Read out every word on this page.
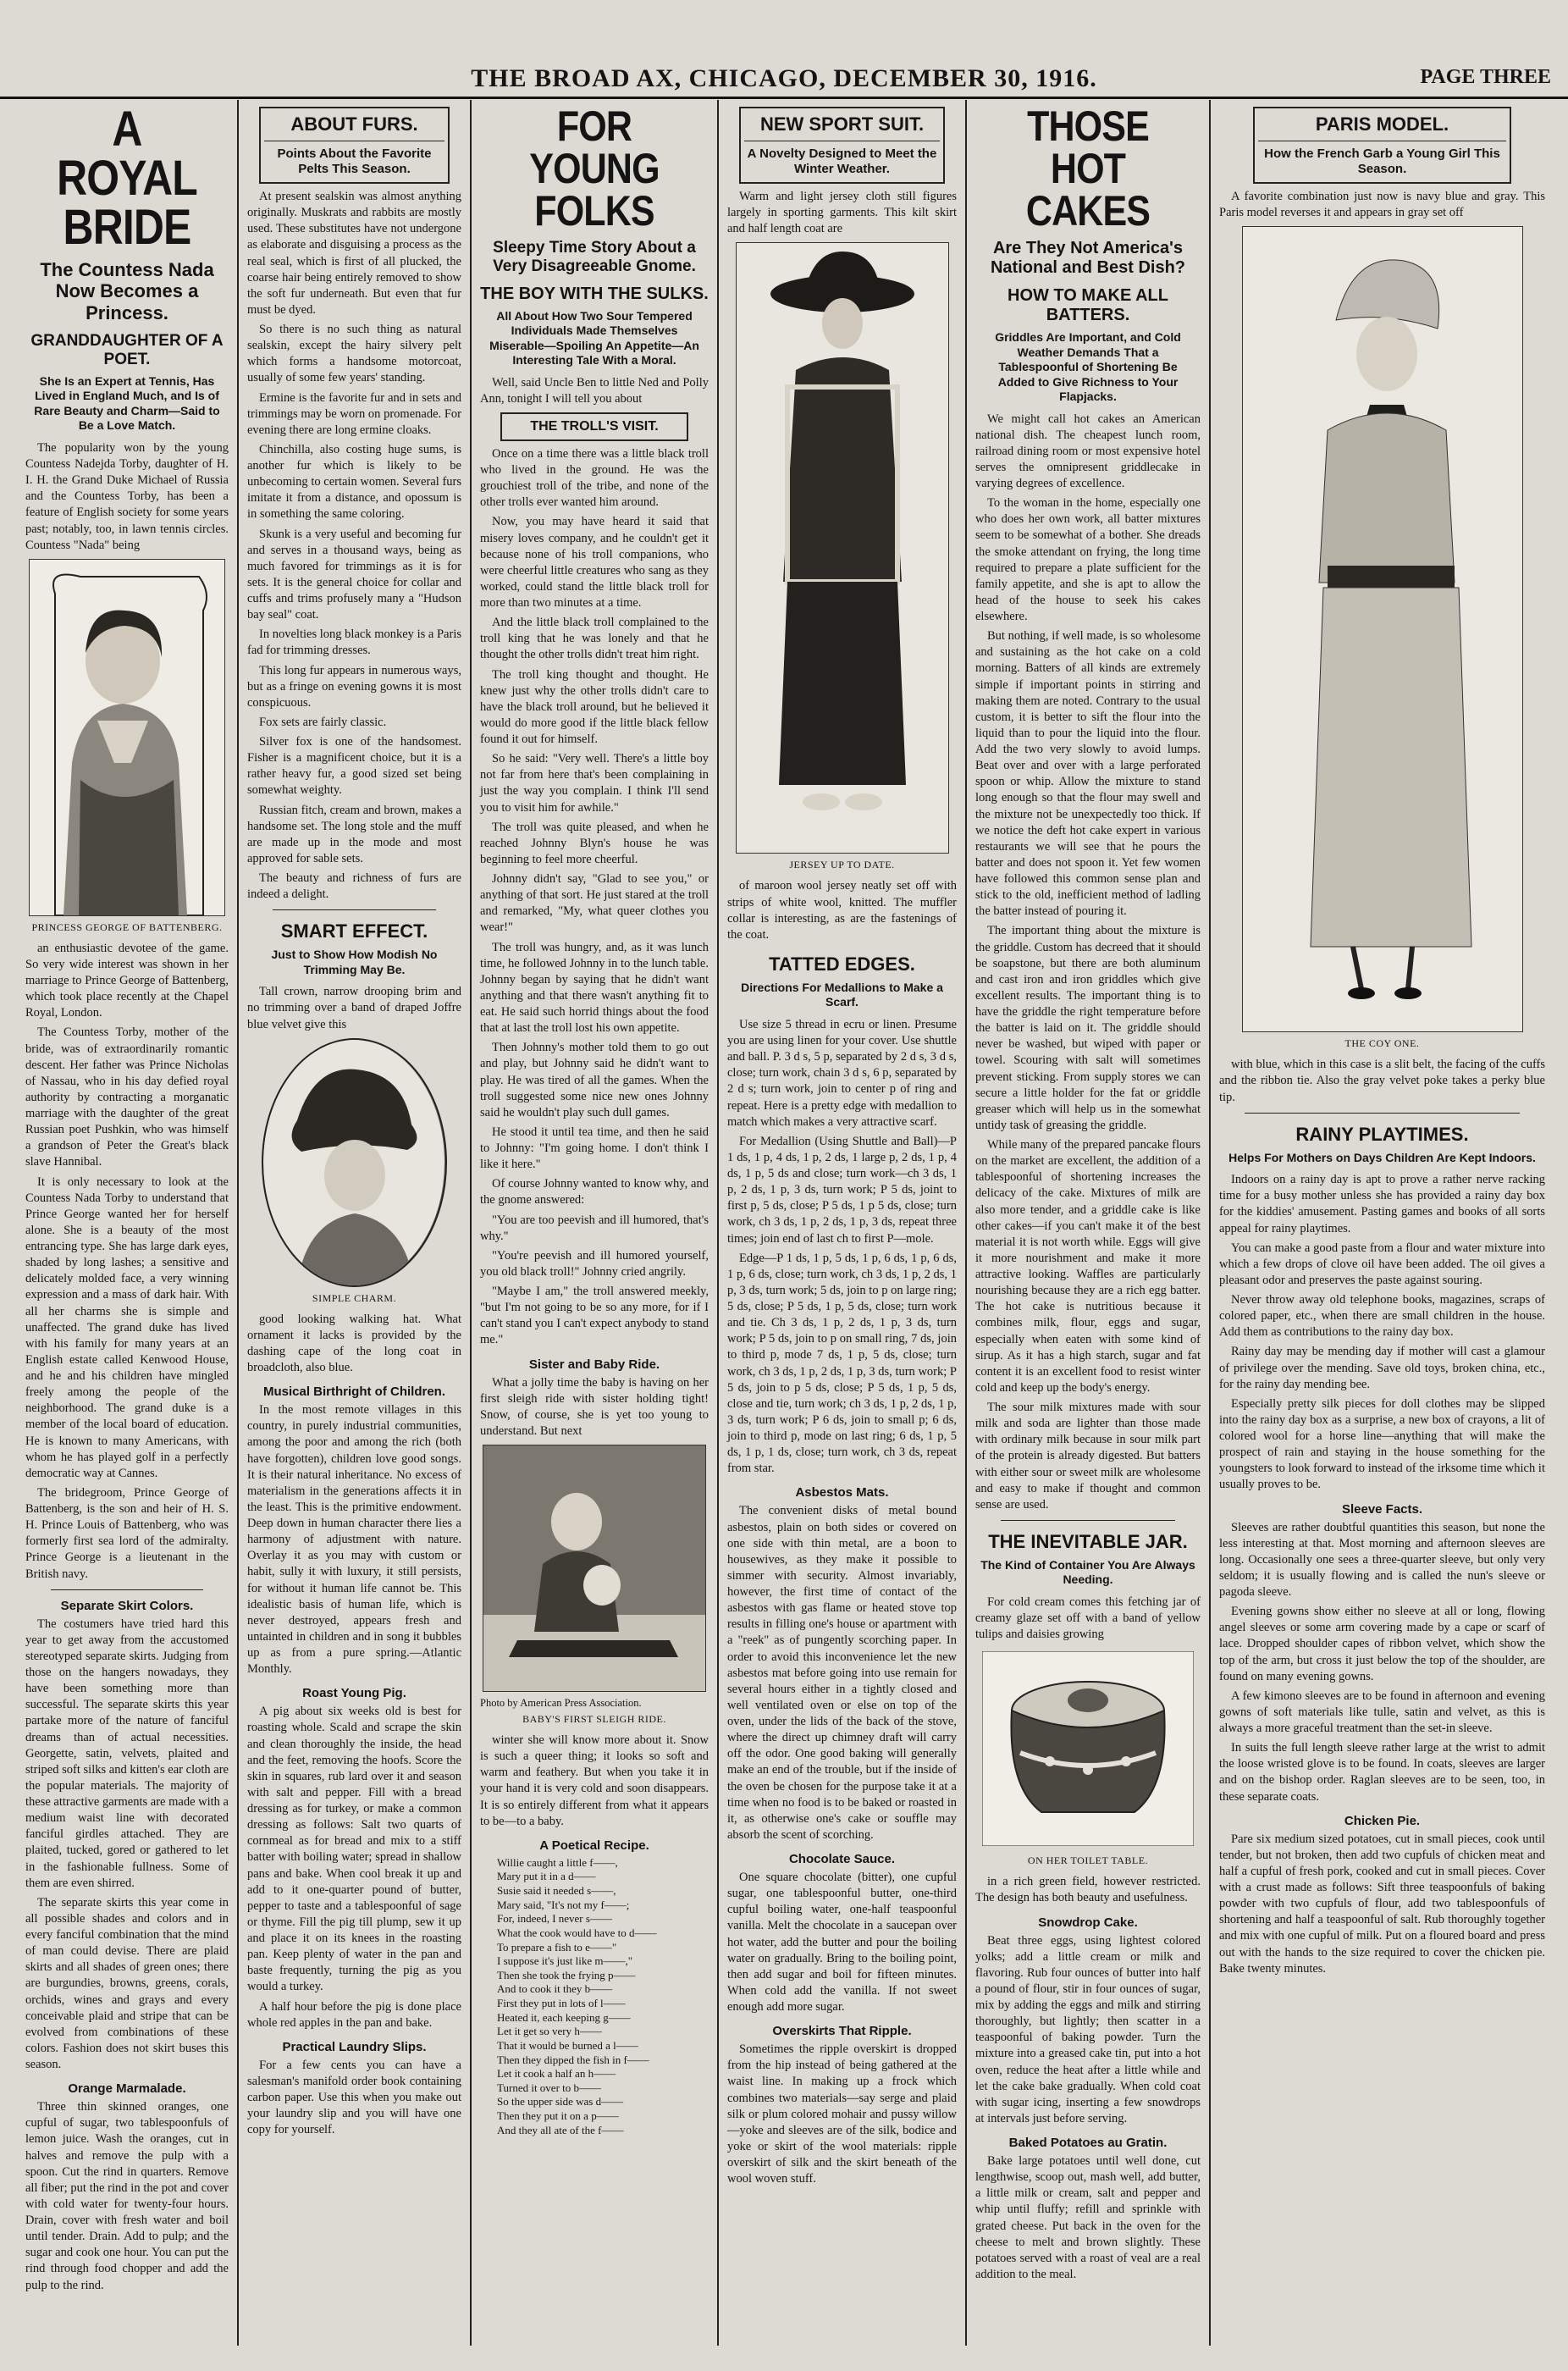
THE BROAD AX, CHICAGO, DECEMBER 30, 1916.	PAGE THREE
A ROYAL BRIDE
The Countess Nada Now Becomes a Princess.
GRANDDAUGHTER OF A POET.
She Is an Expert at Tennis, Has Lived in England Much, and Is of Rare Beauty and Charm—Said to Be a Love Match.

The popularity won by the young Countess Nadejda Torby, daughter of H. I. H. the Grand Duke Michael of Russia and the Countess Torby, has been a feature of English society for some years past; notably, too, in lawn tennis circles. Countess "Nada" being

PRINCESS GEORGE OF BATTENBERG.

an enthusiastic devotee of the game. So very wide interest was shown in her marriage to Prince George of Battenberg, which took place recently at the Chapel Royal, London.

The Countess Torby, mother of the bride, was of extraordinarily romantic descent. Her father was Prince Nicholas of Nassau, who in his day defied royal authority by contracting a morganatic marriage with the daughter of the great Russian poet Pushkin, who was himself a grandson of Peter the Great's black slave Hannibal.

It is only necessary to look at the Countess Nada Torby to understand that Prince George wanted her for herself alone. She is a beauty of the most entrancing type. She has large dark eyes, shaded by long lashes; a sensitive and delicately molded face, a very winning expression and a mass of dark hair. With all her charms she is simple and unaffected. The grand duke has lived with his family for many years at an English estate called Kenwood House, and he and his children have mingled freely among the people of the neighborhood. The grand duke is a member of the local board of education. He is known to many Americans, with whom he has played golf in a perfectly democratic way at Cannes.

The bridegroom, Prince George of Battenberg, is the son and heir of H. S. H. Prince Louis of Battenberg, who was formerly first sea lord of the admiralty. Prince George is a lieutenant in the British navy.

Separate Skirt Colors.

The costumers have tried hard this year to get away from the accustomed stereotyped separate skirts. Judging from those on the hangers nowadays, they have been something more than successful. The separate skirts this year partake more of the nature of fanciful dreams than of actual necessities. Georgette, satin, velvets, plaited and striped soft silks and kitten's ear cloth are the popular materials. The majority of these attractive garments are made with a medium waist line with decorated fanciful girdles attached. They are plaited, tucked, gored or gathered to let in the fashionable fullness. Some of them are even shirred.

The separate skirts this year come in all possible shades and colors and in every fanciful combination that the mind of man could devise. There are plaid skirts and all shades of green ones; there are burgundies, browns, greens, corals, orchids, wines and grays and every conceivable plaid and stripe that can be evolved from combinations of these colors. Fashion does not skirt buses this season.

Orange Marmalade.

Three thin skinned oranges, one cupful of sugar, two tablespoonfuls of lemon juice. Wash the oranges, cut in halves and remove the pulp with a spoon. Cut the rind in quarters. Remove all fiber; put the rind in the pot and cover with cold water for twenty-four hours. Drain, cover with fresh water and boil until tender. Drain. Add to pulp; and the sugar and cook one hour. You can put the rind through food chopper and add the pulp to the rind.

ABOUT FURS.
Points About the Favorite Pelts This Season.

At present sealskin was almost anything originally. Muskrats and rabbits are mostly used. These substitutes have not undergone as elaborate and disguising a process as the real seal, which is first of all plucked, the coarse hair being entirely removed to show the soft fur underneath. But even that fur must be dyed.

So there is no such thing as natural sealskin, except the hairy silvery pelt which forms a handsome motorcoat, usually of some few years' standing.

Ermine is the favorite fur and in sets and trimmings may be worn on promenade. For evening there are long ermine cloaks.

Chinchilla, also costing huge sums, is another fur which is likely to be unbecoming to certain women. Several furs imitate it from a distance, and opossum is in something the same coloring.

Skunk is a very useful and becoming fur and serves in a thousand ways, being as much favored for trimmings as it is for sets. It is the general choice for collar and cuffs and trims profusely many a "Hudson bay seal" coat.

In novelties long black monkey is a Paris fad for trimming dresses.

This long fur appears in numerous ways, but as a fringe on evening gowns it is most conspicuous.

Fox sets are fairly classic.

Silver fox is one of the handsomest. Fisher is a magnificent choice, but it is a rather heavy fur, a good sized set being somewhat weighty.

Russian fitch, cream and brown, makes a handsome set. The long stole and the muff are made up in the mode and most approved for sable sets.

The beauty and richness of furs are indeed a delight.

SMART EFFECT.
Just to Show How Modish No Trimming May Be.

Tall crown, narrow drooping brim and no trimming over a band of draped Joffre blue velvet give this

SIMPLE CHARM.

good looking walking hat. What ornament it lacks is provided by the dashing cape of the long coat in broadcloth, also blue.

Musical Birthright of Children.

In the most remote villages in this country, in purely industrial communities, among the poor and among the rich (both have forgotten), children love good songs. It is their natural inheritance. No excess of materialism in the generations affects it in the least. This is the primitive endowment. Deep down in human character there lies a harmony of adjustment with nature. Overlay it as you may with custom or habit, sully it with luxury, it still persists, for without it human life cannot be. This idealistic basis of human life, which is never destroyed, appears fresh and untainted in children and in song it bubbles up as from a pure spring.—Atlantic Monthly.

Roast Young Pig.

A pig about six weeks old is best for roasting whole. Scald and scrape the skin and clean thoroughly the inside, the head and the feet, removing the hoofs. Score the skin in squares, rub lard over it and season with salt and pepper. Fill with a bread dressing as for turkey, or make a common dressing as follows: Salt two quarts of cornmeal as for bread and mix to a stiff batter with boiling water; spread in shallow pans and bake. When cool break it up and add to it one-quarter pound of butter, pepper to taste and a tablespoonful of sage or thyme. Fill the pig till plump, sew it up and place it on its knees in the roasting pan. Keep plenty of water in the pan and baste frequently, turning the pig as you would a turkey.

A half hour before the pig is done place whole red apples in the pan and bake.

Practical Laundry Slips.

For a few cents you can have a salesman's manifold order book containing carbon paper. Use this when you make out your laundry slip and you will have one copy for yourself.

FOR YOUNG FOLKS
Sleepy Time Story About a Very Disagreeable Gnome.
THE BOY WITH THE SULKS.
All About How Two Sour Tempered Individuals Made Themselves Miserable—Spoiling An Appetite—An Interesting Tale With a Moral.

Well, said Uncle Ben to little Ned and Polly Ann, tonight I will tell you about

THE TROLL'S VISIT.

Once on a time there was a little black troll who lived in the ground. He was the grouchiest troll of the tribe, and none of the other trolls ever wanted him around.

Now, you may have heard it said that misery loves company, and he couldn't get it because none of his troll companions, who were cheerful little creatures who sang as they worked, could stand the little black troll for more than two minutes at a time.

And the little black troll complained to the troll king that he was lonely and that he thought the other trolls didn't treat him right.

The troll king thought and thought. He knew just why the other trolls didn't care to have the black troll around, but he believed it would do more good if the little black fellow found it out for himself.

So he said: "Very well. There's a little boy not far from here that's been complaining in just the way you complain. I think I'll send you to visit him for awhile."

The troll was quite pleased, and when he reached Johnny Blyn's house he was beginning to feel more cheerful.

Johnny didn't say, "Glad to see you," or anything of that sort. He just stared at the troll and remarked, "My, what queer clothes you wear!"

The troll was hungry, and, as it was lunch time, he followed Johnny in to the lunch table. Johnny began by saying that he didn't want anything and that there wasn't anything fit to eat. He said such horrid things about the food that at last the troll lost his own appetite.

Then Johnny's mother told them to go out and play, but Johnny said he didn't want to play. He was tired of all the games. When the troll suggested some nice new ones Johnny said he wouldn't play such dull games.

He stood it until tea time, and then he said to Johnny: "I'm going home. I don't think I like it here."

Of course Johnny wanted to know why, and the gnome answered:

"You are too peevish and ill humored, that's why."

"You're peevish and ill humored yourself, you old black troll!" Johnny cried angrily.

"Maybe I am," the troll answered meekly, "but I'm not going to be so any more, for if I can't stand you I can't expect anybody to stand me."

Sister and Baby Ride.

What a jolly time the baby is having on her first sleigh ride with sister holding tight! Snow, of course, she is yet too young to understand. But next

Photo by American Press Association.
BABY'S FIRST SLEIGH RIDE.

winter she will know more about it. Snow is such a queer thing; it looks so soft and warm and feathery. But when you take it in your hand it is very cold and soon disappears. It is so entirely different from what it appears to be—to a baby.

A Poetical Recipe.
Willie caught a little f——,
Mary put it in a d——
Susie said it needed s——,
Mary said, "It's not my f——;
For, indeed, I never s——
What the cook would have to d——
To prepare a fish to e——"
I suppose it's just like m——,"
Then she took the frying p——
And to cook it they b——
First they put in lots of l——
Heated it, each keeping g——
Let it get so very h——
That it would be burned a l——
Then they dipped the fish in f——
Let it cook a half an h——
Turned it over to b——
So the upper side was d——
Then they put it on a p——
And they all ate of the f——
NEW SPORT SUIT.
A Novelty Designed to Meet the Winter Weather.

Warm and light jersey cloth still figures largely in sporting garments. This kilt skirt and half length coat are

JERSEY UP TO DATE.

of maroon wool jersey neatly set off with strips of white wool, knitted. The muffler collar is interesting, as are the fastenings of the coat.

TATTED EDGES.
Directions For Medallions to Make a Scarf.

Use size 5 thread in ecru or linen. Presume you are using linen for your cover. Use shuttle and ball. P. 3 d s, 5 p, separated by 2 d s, 3 d s, close; turn work, chain 3 d s, 6 p, separated by 2 d s; turn work, join to center p of ring and repeat. Here is a pretty edge with medallion to match which makes a very attractive scarf.

For Medallion (Using Shuttle and Ball)—P 1 ds, 1 p, 4 ds, 1 p, 2 ds, 1 large p, 2 ds, 1 p, 4 ds, 1 p, 5 ds and close; turn work—ch 3 ds, 1 p, 2 ds, 1 p, 3 ds, turn work; P 5 ds, joint to first p, 5 ds, close; P 5 ds, 1 p 5 ds, close; turn work, ch 3 ds, 1 p, 2 ds, 1 p, 3 ds, repeat three times; join end of last ch to first P—mole.

Edge—P 1 ds, 1 p, 5 ds, 1 p, 6 ds, 1 p, 6 ds, 1 p, 6 ds, close; turn work, ch 3 ds, 1 p, 2 ds, 1 p, 3 ds, turn work; 5 ds, join to p on large ring; 5 ds, close; P 5 ds, 1 p, 5 ds, close; turn work and tie. Ch 3 ds, 1 p, 2 ds, 1 p, 3 ds, turn work; P 5 ds, join to p on small ring, 7 ds, join to third p, mode 7 ds, 1 p, 5 ds, close; turn work, ch 3 ds, 1 p, 2 ds, 1 p, 3 ds, turn work; P 5 ds, join to p 5 ds, close; P 5 ds, 1 p, 5 ds, close and tie, turn work; ch 3 ds, 1 p, 2 ds, 1 p, 3 ds, turn work; P 6 ds, join to small p; 6 ds, join to third p, mode on last ring; 6 ds, 1 p, 5 ds, 1 p, 1 ds, close; turn work, ch 3 ds, repeat from star.

Asbestos Mats.

The convenient disks of metal bound asbestos, plain on both sides or covered on one side with thin metal, are a boon to housewives, as they make it possible to simmer with security. Almost invariably, however, the first time of contact of the asbestos with gas flame or heated stove top results in filling one's house or apartment with a "reek" as of pungently scorching paper. In order to avoid this inconvenience let the new asbestos mat before going into use remain for several hours either in a tightly closed and well ventilated oven or else on top of the oven, under the lids of the back of the stove, where the direct up chimney draft will carry off the odor. One good baking will generally make an end of the trouble, but if the inside of the oven be chosen for the purpose take it at a time when no food is to be baked or roasted in it, as otherwise one's cake or souffle may absorb the scent of scorching.

Chocolate Sauce.

One square chocolate (bitter), one cupful sugar, one tablespoonful butter, one-third cupful boiling water, one-half teaspoonful vanilla. Melt the chocolate in a saucepan over hot water, add the butter and pour the boiling water on gradually. Bring to the boiling point, then add sugar and boil for fifteen minutes. When cold add the vanilla. If not sweet enough add more sugar.

Overskirts That Ripple.

Sometimes the ripple overskirt is dropped from the hip instead of being gathered at the waist line. In making up a frock which combines two materials—say serge and plaid silk or plum colored mohair and pussy willow—yoke and sleeves are of the silk, bodice and yoke or skirt of the wool materials: ripple overskirt of silk and the skirt beneath of the wool woven stuff.

THOSE HOT CAKES
Are They Not America's National and Best Dish?
HOW TO MAKE ALL BATTERS.
Griddles Are Important, and Cold Weather Demands That a Tablespoonful of Shortening Be Added to Give Richness to Your Flapjacks.

We might call hot cakes an American national dish. The cheapest lunch room, railroad dining room or most expensive hotel serves the omnipresent griddlecake in varying degrees of excellence.

To the woman in the home, especially one who does her own work, all batter mixtures seem to be somewhat of a bother. She dreads the smoke attendant on frying, the long time required to prepare a plate sufficient for the family appetite, and she is apt to allow the head of the house to seek his cakes elsewhere.

But nothing, if well made, is so wholesome and sustaining as the hot cake on a cold morning. Batters of all kinds are extremely simple if important points in stirring and making them are noted. Contrary to the usual custom, it is better to sift the flour into the liquid than to pour the liquid into the flour. Add the two very slowly to avoid lumps. Beat over and over with a large perforated spoon or whip. Allow the mixture to stand long enough so that the flour may swell and the mixture not be unexpectedly too thick. If we notice the deft hot cake expert in various restaurants we will see that he pours the batter and does not spoon it. Yet few women have followed this common sense plan and stick to the old, inefficient method of ladling the batter instead of pouring it.

The important thing about the mixture is the griddle. Custom has decreed that it should be soapstone, but there are both aluminum and cast iron and iron griddles which give excellent results. The important thing is to have the griddle the right temperature before the batter is laid on it. The griddle should never be washed, but wiped with paper or towel. Scouring with salt will sometimes prevent sticking. From supply stores we can secure a little holder for the fat or griddle greaser which will help us in the somewhat untidy task of greasing the griddle.

While many of the prepared pancake flours on the market are excellent, the addition of a tablespoonful of shortening increases the delicacy of the cake. Mixtures of milk are also more tender, and a griddle cake is like other cakes—if you can't make it of the best material it is not worth while. Eggs will give it more nourishment and make it more attractive looking. Waffles are particularly nourishing because they are a rich egg batter. The hot cake is nutritious because it combines milk, flour, eggs and sugar, especially when eaten with some kind of sirup. As it has a high starch, sugar and fat content it is an excellent food to resist winter cold and keep up the body's energy.

The sour milk mixtures made with sour milk and soda are lighter than those made with ordinary milk because in sour milk part of the protein is already digested. But batters with either sour or sweet milk are wholesome and easy to make if thought and common sense are used.

THE INEVITABLE JAR.
The Kind of Container You Are Always Needing.

For cold cream comes this fetching jar of creamy glaze set off with a band of yellow tulips and daisies growing

ON HER TOILET TABLE.

in a rich green field, however restricted. The design has both beauty and usefulness.

Snowdrop Cake.

Beat three eggs, using lightest colored yolks; add a little cream or milk and flavoring. Rub four ounces of butter into half a pound of flour, stir in four ounces of sugar, mix by adding the eggs and milk and stirring thoroughly, but lightly; then scatter in a teaspoonful of baking powder. Turn the mixture into a greased cake tin, put into a hot oven, reduce the heat after a little while and let the cake bake gradually. When cold coat with sugar icing, inserting a few snowdrops at intervals just before serving.

Baked Potatoes au Gratin.

Bake large potatoes until well done, cut lengthwise, scoop out, mash well, add butter, a little milk or cream, salt and pepper and whip until fluffy; refill and sprinkle with grated cheese. Put back in the oven for the cheese to melt and brown slightly. These potatoes served with a roast of veal are a real addition to the meal.

PARIS MODEL.
How the French Garb a Young Girl This Season.

A favorite combination just now is navy blue and gray. This Paris model reverses it and appears in gray set off

THE COY ONE.

with blue, which in this case is a slit belt, the facing of the cuffs and the ribbon tie. Also the gray velvet poke takes a perky blue tip.

RAINY PLAYTIMES.
Helps For Mothers on Days Children Are Kept Indoors.

Indoors on a rainy day is apt to prove a rather nerve racking time for a busy mother unless she has provided a rainy day box for the kiddies' amusement. Pasting games and books of all sorts appeal for rainy playtimes.

You can make a good paste from a flour and water mixture into which a few drops of clove oil have been added. The oil gives a pleasant odor and preserves the paste against souring.

Never throw away old telephone books, magazines, scraps of colored paper, etc., when there are small children in the house. Add them as contributions to the rainy day box.

Rainy day may be mending day if mother will cast a glamour of privilege over the mending. Save old toys, broken china, etc., for the rainy day mending bee.

Especially pretty silk pieces for doll clothes may be slipped into the rainy day box as a surprise, a new box of crayons, a lit of colored wool for a horse line—anything that will make the prospect of rain and staying in the house something for the youngsters to look forward to instead of the irksome time which it usually proves to be.

Sleeve Facts.

Sleeves are rather doubtful quantities this season, but none the less interesting at that. Most morning and afternoon sleeves are long. Occasionally one sees a three-quarter sleeve, but only very seldom; it is usually flowing and is called the nun's sleeve or pagoda sleeve.

Evening gowns show either no sleeve at all or long, flowing angel sleeves or some arm covering made by a cape or scarf of lace. Dropped shoulder capes of ribbon velvet, which show the top of the arm, but cross it just below the top of the shoulder, are found on many evening gowns.

A few kimono sleeves are to be found in afternoon and evening gowns of soft materials like tulle, satin and velvet, as this is always a more graceful treatment than the set-in sleeve.

In suits the full length sleeve rather large at the wrist to admit the loose wristed glove is to be found. In coats, sleeves are larger and on the bishop order. Raglan sleeves are to be seen, too, in these separate coats.

Chicken Pie.

Pare six medium sized potatoes, cut in small pieces, cook until tender, but not broken, then add two cupfuls of chicken meat and half a cupful of fresh pork, cooked and cut in small pieces. Cover with a crust made as follows: Sift three teaspoonfuls of baking powder with two cupfuls of flour, add two tablespoonfuls of shortening and half a teaspoonful of salt. Rub thoroughly together and mix with one cupful of milk. Put on a floured board and press out with the hands to the size required to cover the chicken pie. Bake twenty minutes.
